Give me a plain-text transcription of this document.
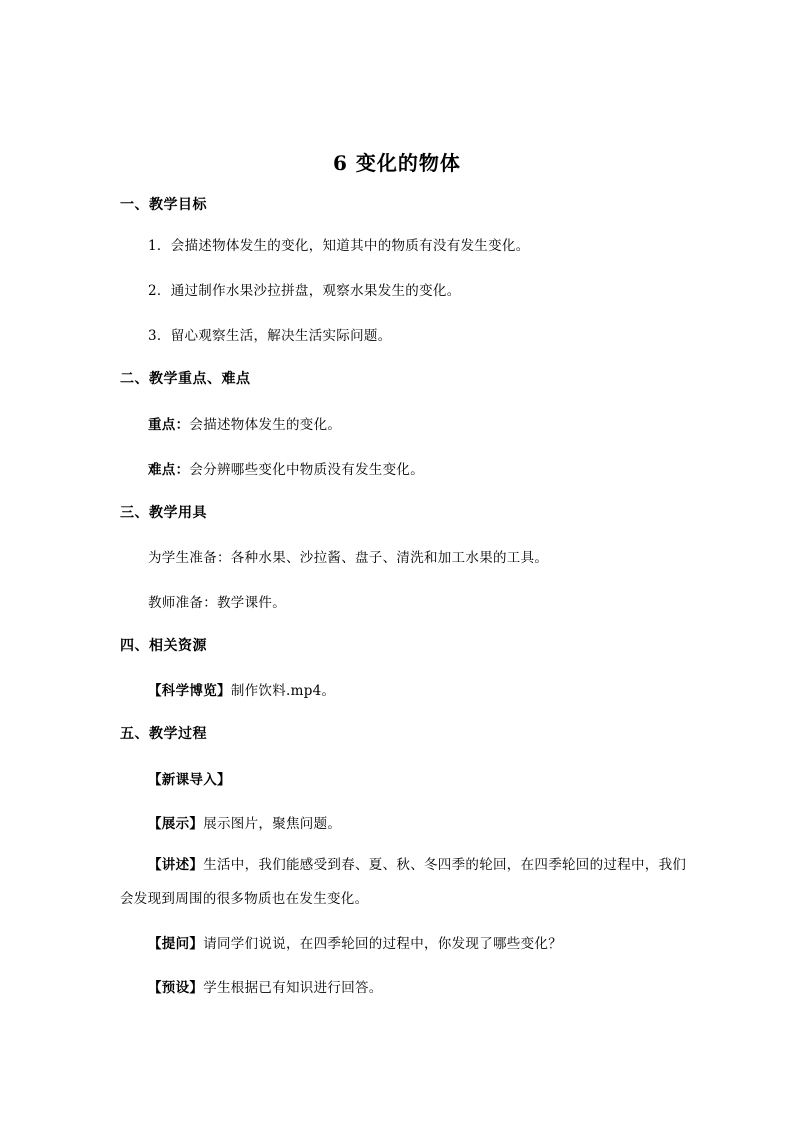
6 变化的物体
一、教学目标
1．会描述物体发生的变化，知道其中的物质有没有发生变化。
2．通过制作水果沙拉拼盘，观察水果发生的变化。
3．留心观察生活，解决生活实际问题。
二、教学重点、难点
重点：会描述物体发生的变化。
难点：会分辨哪些变化中物质没有发生变化。
三、教学用具
为学生准备：各种水果、沙拉酱、盘子、清洗和加工水果的工具。
教师准备：教学课件。
四、相关资源
【科学博览】制作饮料.mp4。
五、教学过程
【新课导入】
【展示】展示图片，聚焦问题。
【讲述】生活中，我们能感受到春、夏、秋、冬四季的轮回，在四季轮回的过程中，我们会发现到周围的很多物质也在发生变化。
【提问】请同学们说说，在四季轮回的过程中，你发现了哪些变化？
【预设】学生根据已有知识进行回答。
